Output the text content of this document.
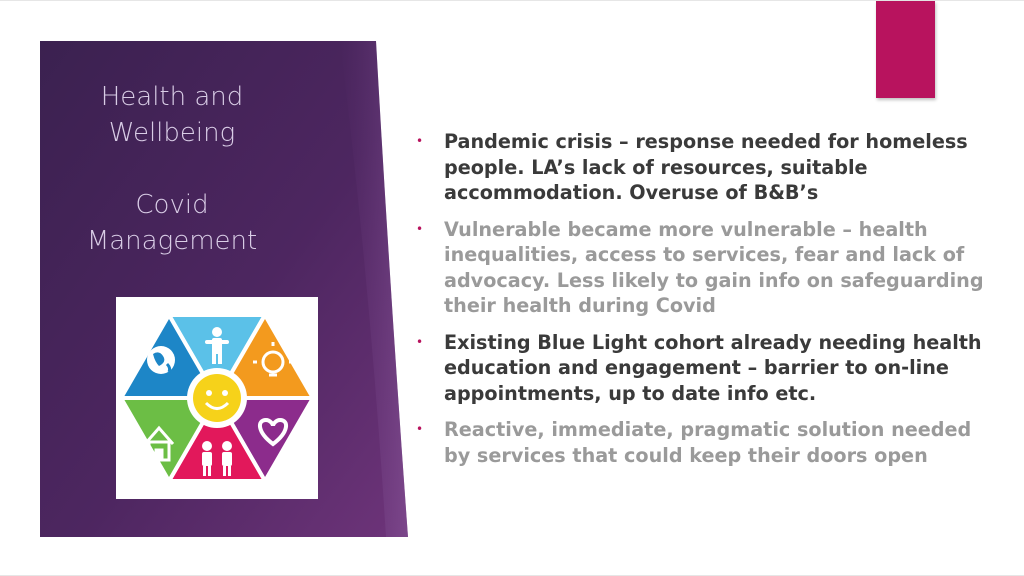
Health and
Wellbeing
Covid
Management
• Pandemic crisis – response needed for homeless people. LA’s lack of resources, suitable accommodation. Overuse of B&B’s
• Vulnerable became more vulnerable – health inequalities, access to services, fear and lack of advocacy. Less likely to gain info on safeguarding their health during Covid
• Existing Blue Light cohort already needing health education and engagement – barrier to on-line appointments, up to date info etc.
• Reactive, immediate, pragmatic solution needed by services that could keep their doors open
